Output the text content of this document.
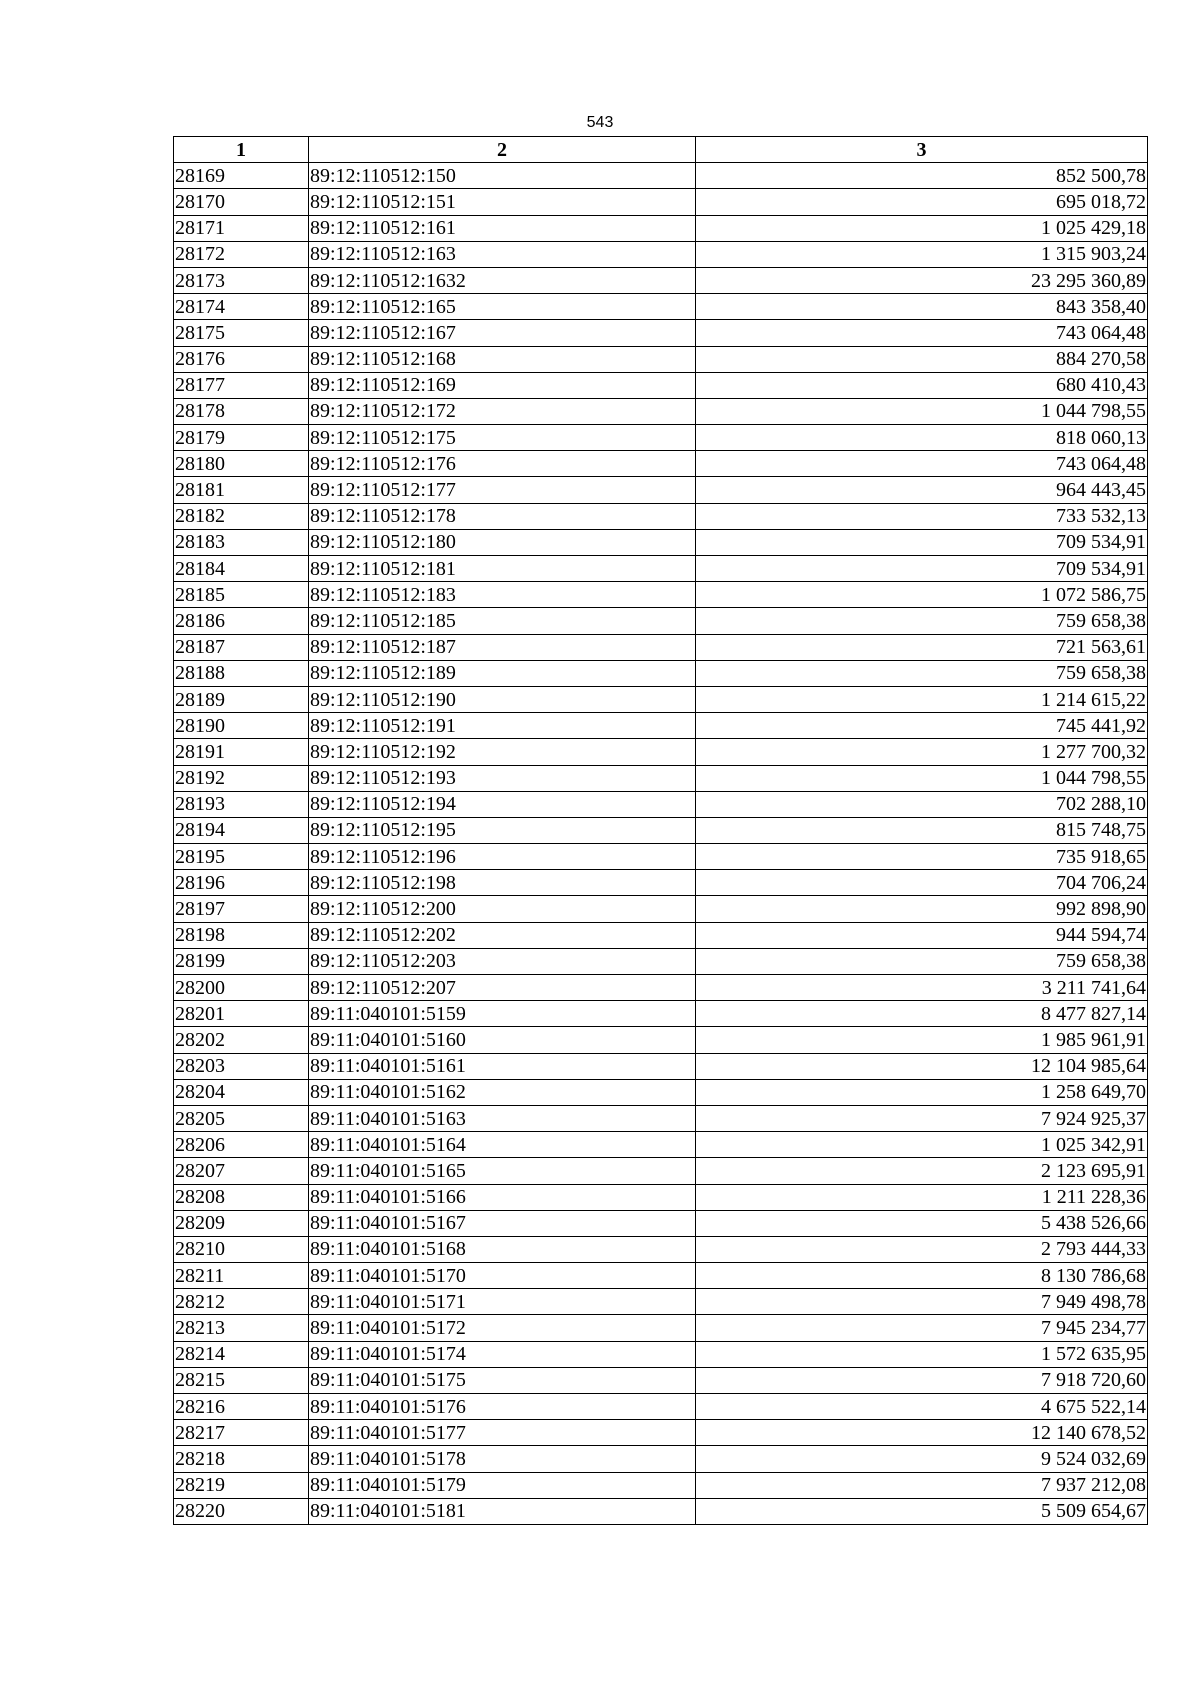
543
1	2	3
28169	89:12:110512:150	852 500,78
28170	89:12:110512:151	695 018,72
28171	89:12:110512:161	1 025 429,18
28172	89:12:110512:163	1 315 903,24
28173	89:12:110512:1632	23 295 360,89
28174	89:12:110512:165	843 358,40
28175	89:12:110512:167	743 064,48
28176	89:12:110512:168	884 270,58
28177	89:12:110512:169	680 410,43
28178	89:12:110512:172	1 044 798,55
28179	89:12:110512:175	818 060,13
28180	89:12:110512:176	743 064,48
28181	89:12:110512:177	964 443,45
28182	89:12:110512:178	733 532,13
28183	89:12:110512:180	709 534,91
28184	89:12:110512:181	709 534,91
28185	89:12:110512:183	1 072 586,75
28186	89:12:110512:185	759 658,38
28187	89:12:110512:187	721 563,61
28188	89:12:110512:189	759 658,38
28189	89:12:110512:190	1 214 615,22
28190	89:12:110512:191	745 441,92
28191	89:12:110512:192	1 277 700,32
28192	89:12:110512:193	1 044 798,55
28193	89:12:110512:194	702 288,10
28194	89:12:110512:195	815 748,75
28195	89:12:110512:196	735 918,65
28196	89:12:110512:198	704 706,24
28197	89:12:110512:200	992 898,90
28198	89:12:110512:202	944 594,74
28199	89:12:110512:203	759 658,38
28200	89:12:110512:207	3 211 741,64
28201	89:11:040101:5159	8 477 827,14
28202	89:11:040101:5160	1 985 961,91
28203	89:11:040101:5161	12 104 985,64
28204	89:11:040101:5162	1 258 649,70
28205	89:11:040101:5163	7 924 925,37
28206	89:11:040101:5164	1 025 342,91
28207	89:11:040101:5165	2 123 695,91
28208	89:11:040101:5166	1 211 228,36
28209	89:11:040101:5167	5 438 526,66
28210	89:11:040101:5168	2 793 444,33
28211	89:11:040101:5170	8 130 786,68
28212	89:11:040101:5171	7 949 498,78
28213	89:11:040101:5172	7 945 234,77
28214	89:11:040101:5174	1 572 635,95
28215	89:11:040101:5175	7 918 720,60
28216	89:11:040101:5176	4 675 522,14
28217	89:11:040101:5177	12 140 678,52
28218	89:11:040101:5178	9 524 032,69
28219	89:11:040101:5179	7 937 212,08
28220	89:11:040101:5181	5 509 654,67
